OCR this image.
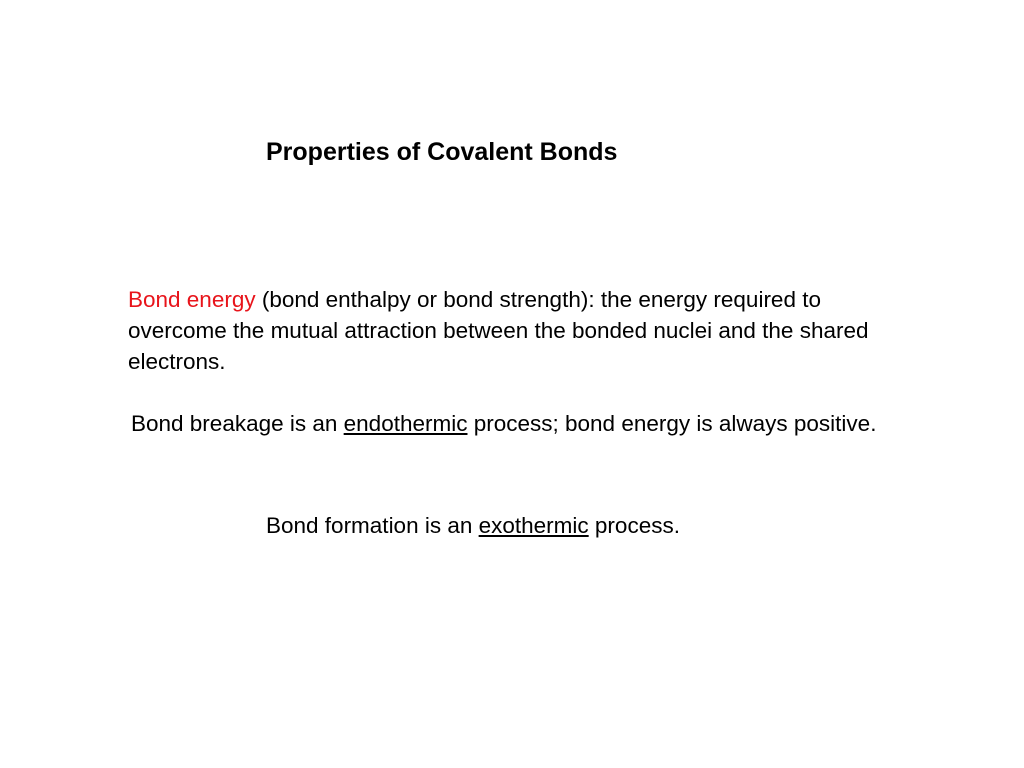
Properties of Covalent Bonds

Bond energy (bond enthalpy or bond strength): the energy required to overcome the mutual attraction between the bonded nuclei and the shared electrons.

Bond breakage is an endothermic process; bond energy is always positive.

Bond formation is an exothermic process.
